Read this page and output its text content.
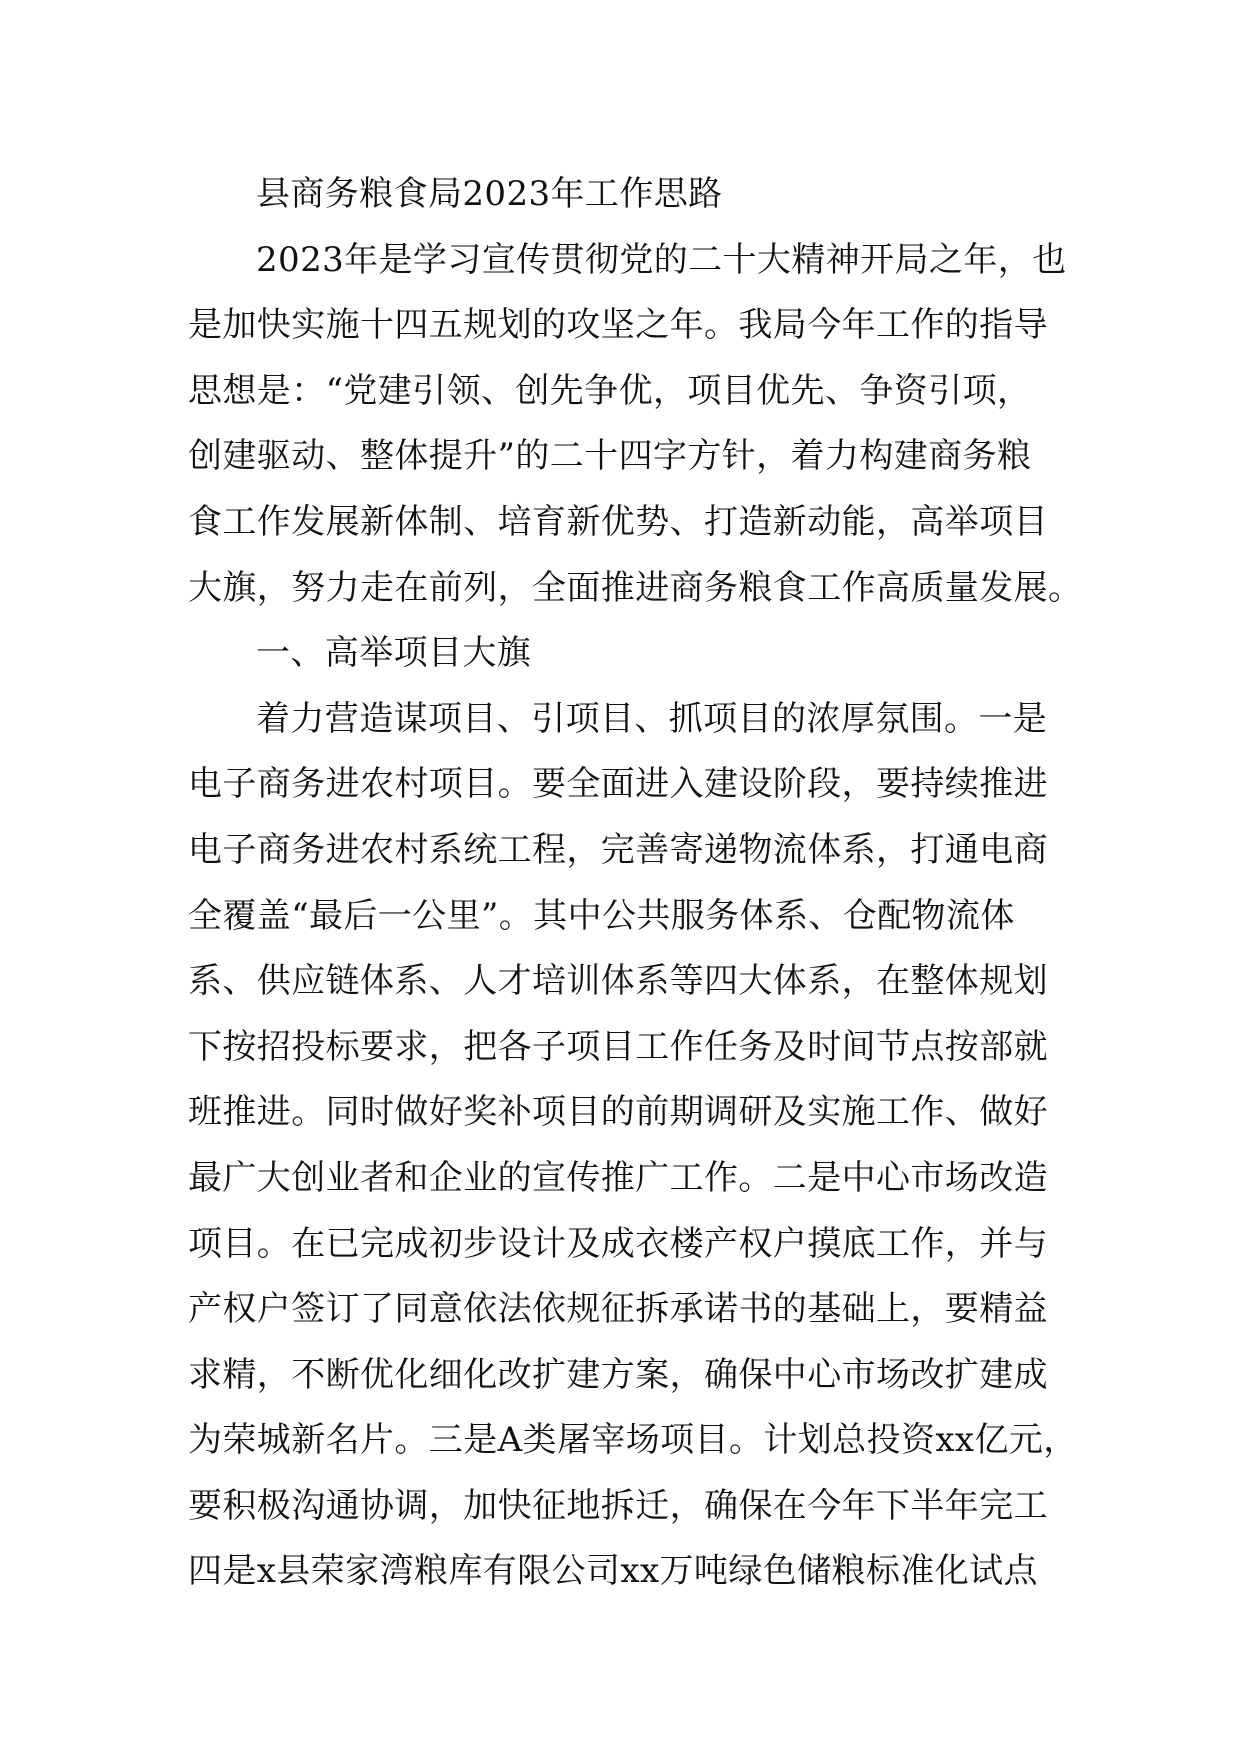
县商务粮食局2023年工作思路
2023年是学习宣传贯彻党的二十大精神开局之年，也
是加快实施十四五规划的攻坚之年。我局今年工作的指导
思想是：“党建引领、创先争优，项目优先、争资引项，
创建驱动、整体提升”的二十四字方针，着力构建商务粮
食工作发展新体制、培育新优势、打造新动能，高举项目
大旗，努力走在前列，全面推进商务粮食工作高质量发展。
一、高举项目大旗
着力营造谋项目、引项目、抓项目的浓厚氛围。一是
电子商务进农村项目。要全面进入建设阶段，要持续推进
电子商务进农村系统工程，完善寄递物流体系，打通电商
全覆盖“最后一公里”。其中公共服务体系、仓配物流体
系、供应链体系、人才培训体系等四大体系，在整体规划
下按招投标要求，把各子项目工作任务及时间节点按部就
班推进。同时做好奖补项目的前期调研及实施工作、做好
最广大创业者和企业的宣传推广工作。二是中心市场改造
项目。在已完成初步设计及成衣楼产权户摸底工作，并与
产权户签订了同意依法依规征拆承诺书的基础上，要精益
求精，不断优化细化改扩建方案，确保中心市场改扩建成
为荣城新名片。三是A类屠宰场项目。计划总投资xx亿元，
要积极沟通协调，加快征地拆迁，确保在今年下半年完工
四是x县荣家湾粮库有限公司xx万吨绿色储粮标准化试点
